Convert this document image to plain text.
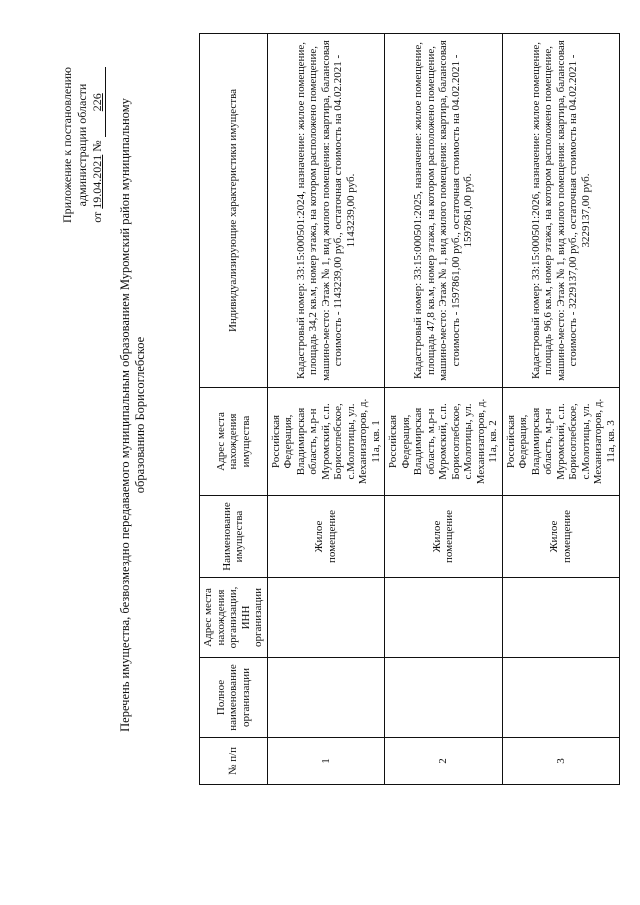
Приложение к постановлению администрации области
от 19.04.2021 № 226 Перечень имущества, безвозмездно передаваемого муниципальным образованием Муромский район муниципальному образованию Борисоглебское
№ п/п	Полное наименование организации	Адрес места нахождения организации, ИНН организации	Наименование имущества	Адрес места нахождения имущества	Индивидуализирующие характеристики имущества
1			Жилое помещение	Российская Федерация, Владимирская область, м.р-н Муромский, с.п. Борисоглебское, с.Молотицы, ул. Механизаторов, д. 11а, кв. 1	Кадастровый номер: 33:15:000501:2024, назначение: жилое помещение, площадь 34,2 кв.м, номер этажа, на котором расположено помещение, машино-место: Этаж № 1, вид жилого помещения: квартира, балансовая стоимость - 1143239,00 руб., остаточная стоимость на 04.02.2021 - 1143239,00 руб.
2			Жилое помещение	Российская Федерация, Владимирская область, м.р-н Муромский, с.п. Борисоглебское, с.Молотицы, ул. Механизаторов, д. 11а, кв. 2	Кадастровый номер: 33:15:000501:2025, назначение: жилое помещение, площадь 47,8 кв.м, номер этажа, на котором расположено помещение, машино-место: Этаж № 1, вид жилого помещения: квартира, балансовая стоимость - 1597861,00 руб., остаточная стоимость на 04.02.2021 - 1597861,00 руб.
3			Жилое помещение	Российская Федерация, Владимирская область, м.р-н Муромский, с.п. Борисоглебское, с.Молотицы, ул. Механизаторов, д. 11а, кв. 3	Кадастровый номер: 33:15:000501:2026, назначение: жилое помещение, площадь 96,6 кв.м, номер этажа, на котором расположено помещение, машино-место: Этаж № 1, вид жилого помещения: квартира, балансовая стоимость - 3229137,00 руб., остаточная стоимость на 04.02.2021 - 3229137,00 руб.
